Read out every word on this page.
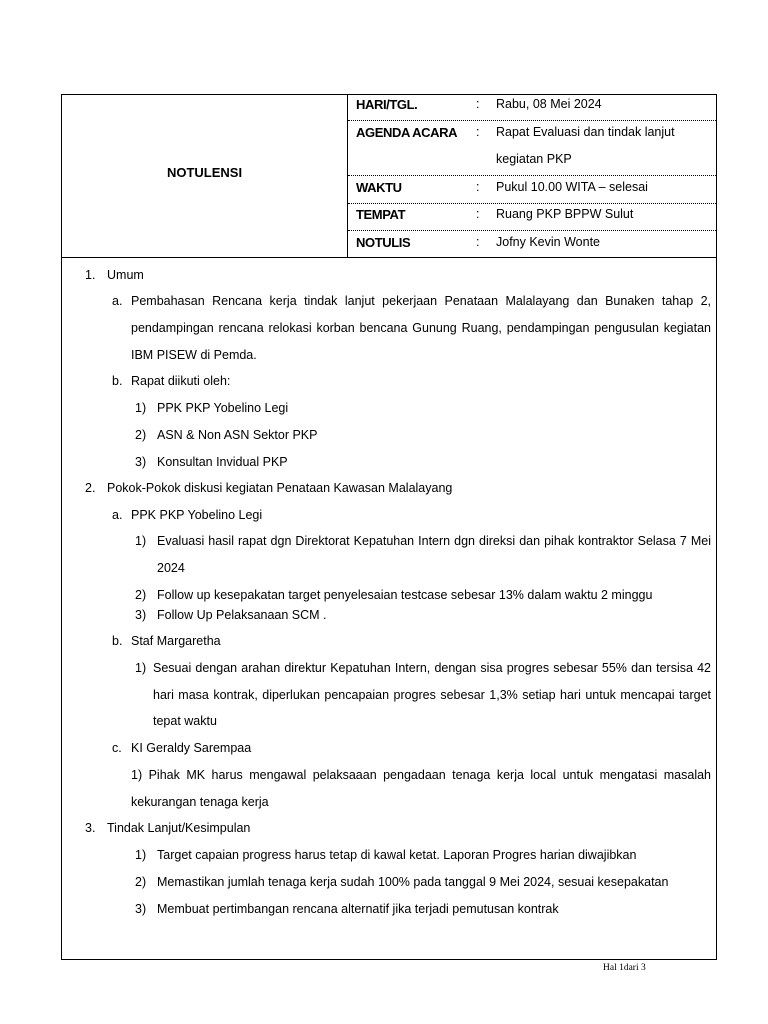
NOTULENSI
HARI/TGL.	: Rabu, 08 Mei 2024
AGENDA ACARA : Rapat Evaluasi dan tindak lanjut
kegiatan PKP
WAKTU	: Pukul 10.00 WITA – selesai
TEMPAT	: Ruang PKP BPPW Sulut
NOTULIS	: Jofny Kevin Wonte
1. Umum
a. Pembahasan Rencana kerja tindak lanjut pekerjaan Penataan Malalayang dan Bunaken tahap 2,
pendampingan rencana relokasi korban bencana Gunung Ruang, pendampingan pengusulan kegiatan
IBM PISEW di Pemda.
b. Rapat diikuti oleh:
1) PPK PKP Yobelino Legi
2) ASN & Non ASN Sektor PKP
3) Konsultan Invidual PKP
2. Pokok-Pokok diskusi kegiatan Penataan Kawasan Malalayang
a. PPK PKP Yobelino Legi
1) Evaluasi hasil rapat dgn Direktorat Kepatuhan Intern dgn direksi dan pihak kontraktor Selasa 7 Mei
2024
2) Follow up kesepakatan target penyelesaian testcase sebesar 13% dalam waktu 2 minggu
3) Follow Up Pelaksanaan SCM .
b. Staf Margaretha
1) Sesuai dengan arahan direktur Kepatuhan Intern, dengan sisa progres sebesar 55% dan tersisa 42
hari masa kontrak, diperlukan pencapaian progres sebesar 1,3% setiap hari untuk mencapai target
tepat waktu
c. KI Geraldy Sarempaa
1) Pihak MK harus mengawal pelaksaaan pengadaan tenaga kerja local untuk mengatasi masalah
kekurangan tenaga kerja
3. Tindak Lanjut/Kesimpulan
1) Target capaian progress harus tetap di kawal ketat. Laporan Progres harian diwajibkan
2) Memastikan jumlah tenaga kerja sudah 100% pada tanggal 9 Mei 2024, sesuai kesepakatan
3) Membuat pertimbangan rencana alternatif jika terjadi pemutusan kontrak
Hal 1dari 3
